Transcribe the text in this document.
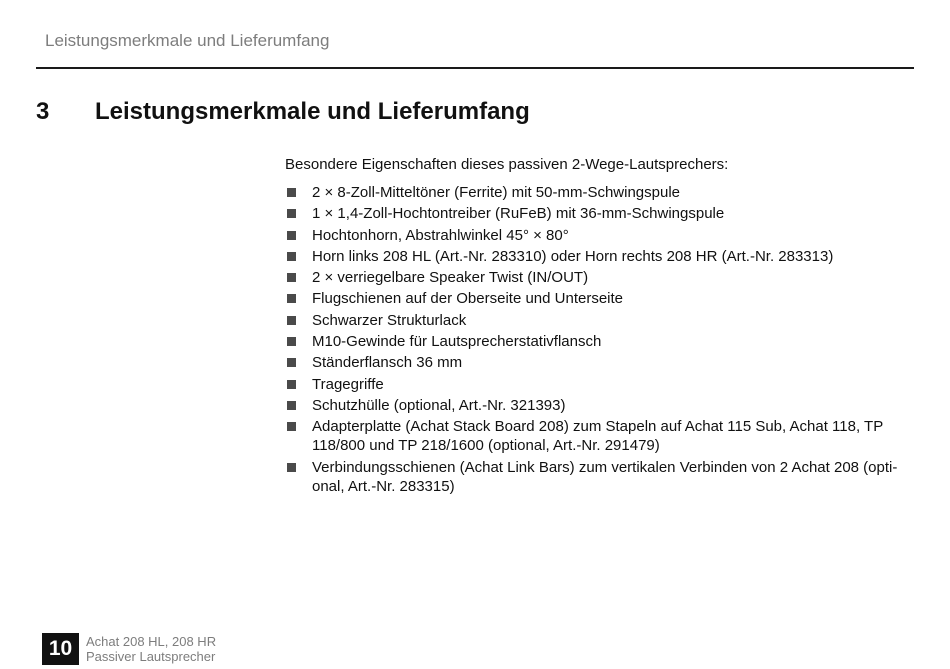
Leistungsmerkmale und Lieferumfang
3 Leistungsmerkmale und Lieferumfang

Besondere Eigenschaften dieses passiven 2-Wege-Lautsprechers:

2 × 8-Zoll-Mitteltöner (Ferrite) mit 50-mm-Schwingspule
1 × 1,4-Zoll-Hochtontreiber (RuFeB) mit 36-mm-Schwingspule
Hochtonhorn, Abstrahlwinkel 45° × 80°
Horn links 208 HL (Art.-Nr. 283310) oder Horn rechts 208 HR (Art.-Nr. 283313)
2 × verriegelbare Speaker Twist (IN/OUT)
Flugschienen auf der Oberseite und Unterseite
Schwarzer Strukturlack
M10-Gewinde für Lautsprecherstativflansch
Ständerflansch 36 mm
Tragegriffe
Schutzhülle (optional, Art.-Nr. 321393)
Adapterplatte (Achat Stack Board 208) zum Stapeln auf Achat 115 Sub, Achat 118, TP 118/800 und TP 218/1600 (optional, Art.-Nr. 291479)
Verbindungsschienen (Achat Link Bars) zum vertikalen Verbinden von 2 Achat 208 (opti-onal, Art.-Nr. 283315)
10	Achat 208 HL, 208 HR
Passiver Lautsprecher
